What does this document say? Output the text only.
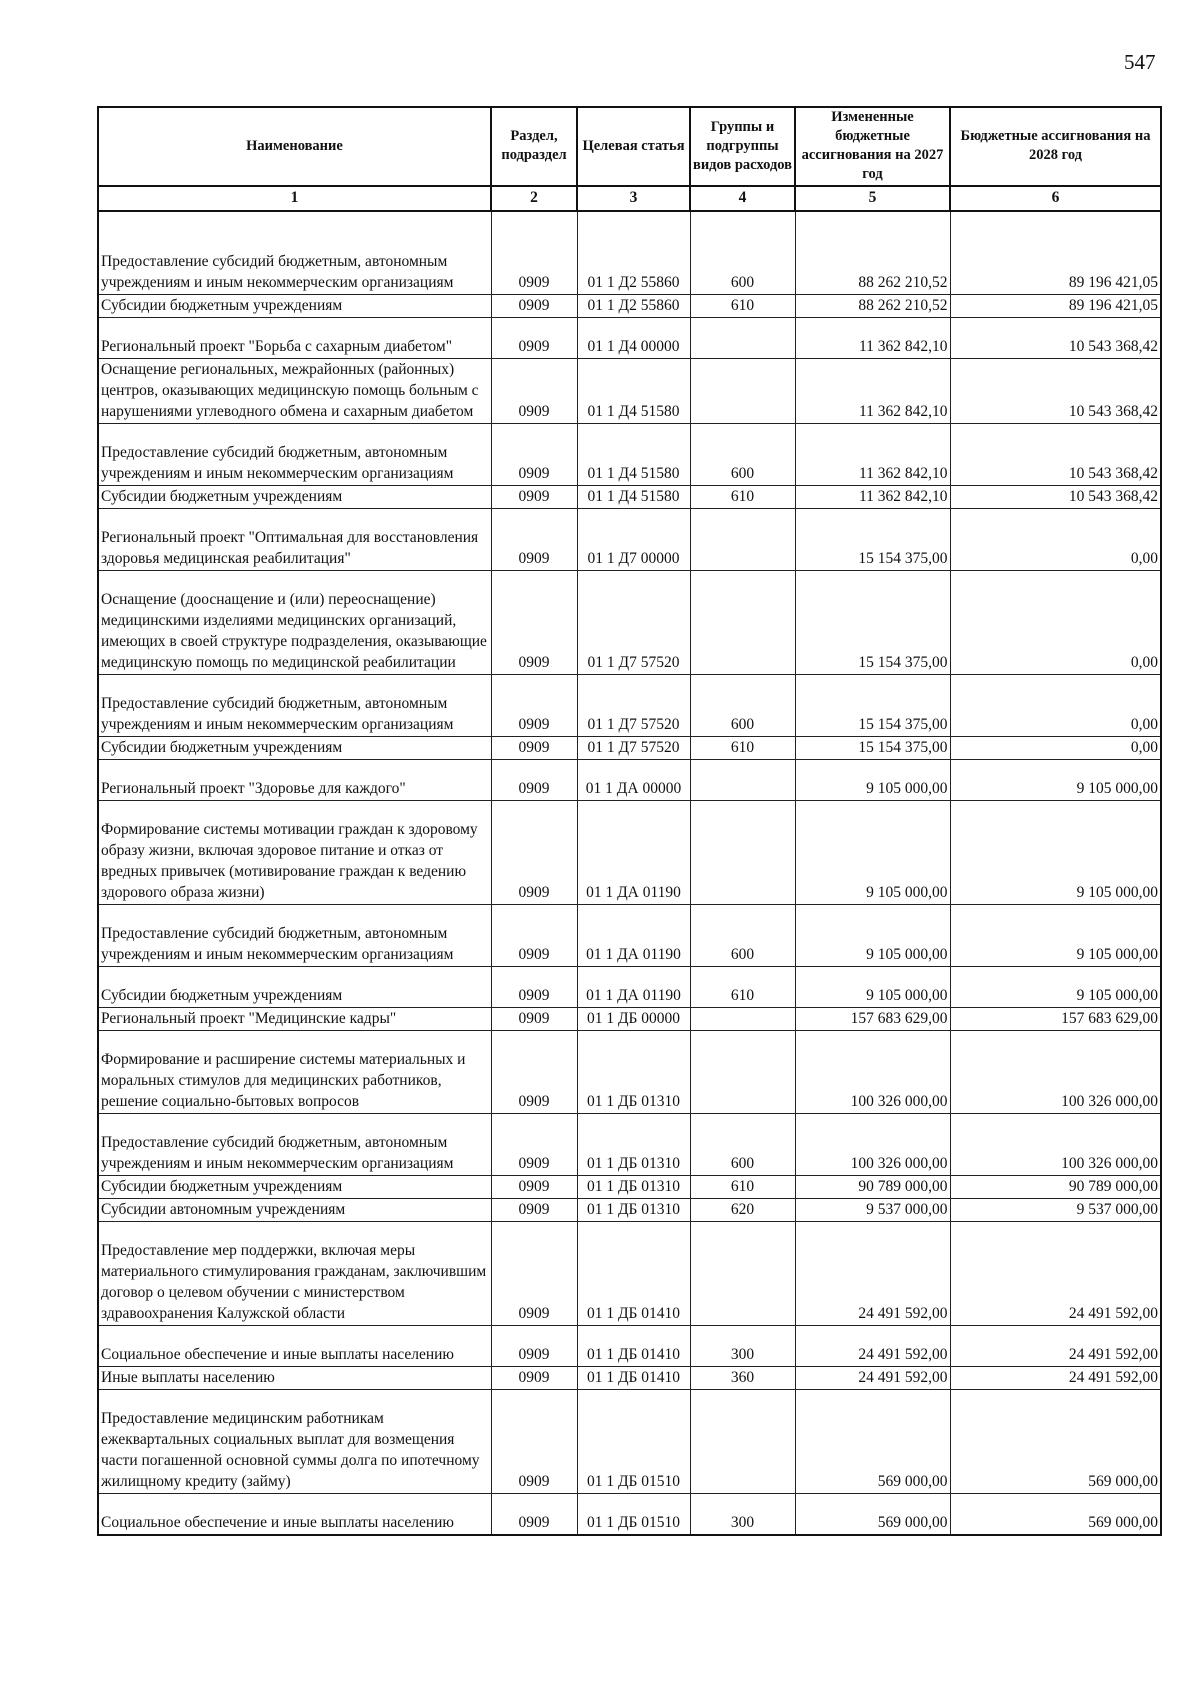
547
Наименование	Раздел, подраздел	Целевая статья	Группы и подгруппы видов расходов	Измененные бюджетные ассигнования на 2027 год	Бюджетные ассигнования на 2028 год
1	2	3	4	5	6

Предоставление субсидий бюджетным, автономным учреждениям и иным некоммерческим организациям	0909	01 1 Д2 55860	600	88 262 210,52	89 196 421,05
Субсидии бюджетным учреждениям	0909	01 1 Д2 55860	610	88 262 210,52	89 196 421,05
Региональный проект "Борьба с сахарным диабетом"	0909	01 1 Д4 00000		11 362 842,10	10 543 368,42
Оснащение региональных, межрайонных (районных) центров, оказывающих медицинскую помощь больным с нарушениями углеводного обмена и сахарным диабетом	0909	01 1 Д4 51580		11 362 842,10	10 543 368,42
Предоставление субсидий бюджетным, автономным учреждениям и иным некоммерческим организациям	0909	01 1 Д4 51580	600	11 362 842,10	10 543 368,42
Субсидии бюджетным учреждениям	0909	01 1 Д4 51580	610	11 362 842,10	10 543 368,42
Региональный проект "Оптимальная для восстановления здоровья медицинская реабилитация"	0909	01 1 Д7 00000		15 154 375,00	0,00
Оснащение (дооснащение и (или) переоснащение) медицинскими изделиями медицинских организаций, имеющих в своей структуре подразделения, оказывающие медицинскую помощь по медицинской реабилитации	0909	01 1 Д7 57520		15 154 375,00	0,00
Предоставление субсидий бюджетным, автономным учреждениям и иным некоммерческим организациям	0909	01 1 Д7 57520	600	15 154 375,00	0,00
Субсидии бюджетным учреждениям	0909	01 1 Д7 57520	610	15 154 375,00	0,00
Региональный проект "Здоровье для каждого"	0909	01 1 ДА 00000		9 105 000,00	9 105 000,00
Формирование системы мотивации граждан к здоровому образу жизни, включая здоровое питание и отказ от вредных привычек (мотивирование граждан к ведению здорового образа жизни)	0909	01 1 ДА 01190		9 105 000,00	9 105 000,00
Предоставление субсидий бюджетным, автономным учреждениям и иным некоммерческим организациям	0909	01 1 ДА 01190	600	9 105 000,00	9 105 000,00
Субсидии бюджетным учреждениям	0909	01 1 ДА 01190	610	9 105 000,00	9 105 000,00
Региональный проект "Медицинские кадры"	0909	01 1 ДБ 00000		157 683 629,00	157 683 629,00
Формирование и расширение системы материальных и моральных стимулов для медицинских работников, решение социально-бытовых вопросов	0909	01 1 ДБ 01310		100 326 000,00	100 326 000,00
Предоставление субсидий бюджетным, автономным учреждениям и иным некоммерческим организациям	0909	01 1 ДБ 01310	600	100 326 000,00	100 326 000,00
Субсидии бюджетным учреждениям	0909	01 1 ДБ 01310	610	90 789 000,00	90 789 000,00
Субсидии автономным учреждениям	0909	01 1 ДБ 01310	620	9 537 000,00	9 537 000,00
Предоставление мер поддержки, включая меры материального стимулирования гражданам, заключившим договор о целевом обучении с министерством здравоохранения Калужской области	0909	01 1 ДБ 01410		24 491 592,00	24 491 592,00
Социальное обеспечение и иные выплаты населению	0909	01 1 ДБ 01410	300	24 491 592,00	24 491 592,00
Иные выплаты населению	0909	01 1 ДБ 01410	360	24 491 592,00	24 491 592,00
Предоставление медицинским работникам ежеквартальных социальных выплат для возмещения части погашенной основной суммы долга по ипотечному жилищному кредиту (займу)	0909	01 1 ДБ 01510		569 000,00	569 000,00
Социальное обеспечение и иные выплаты населению	0909	01 1 ДБ 01510	300	569 000,00	569 000,00
